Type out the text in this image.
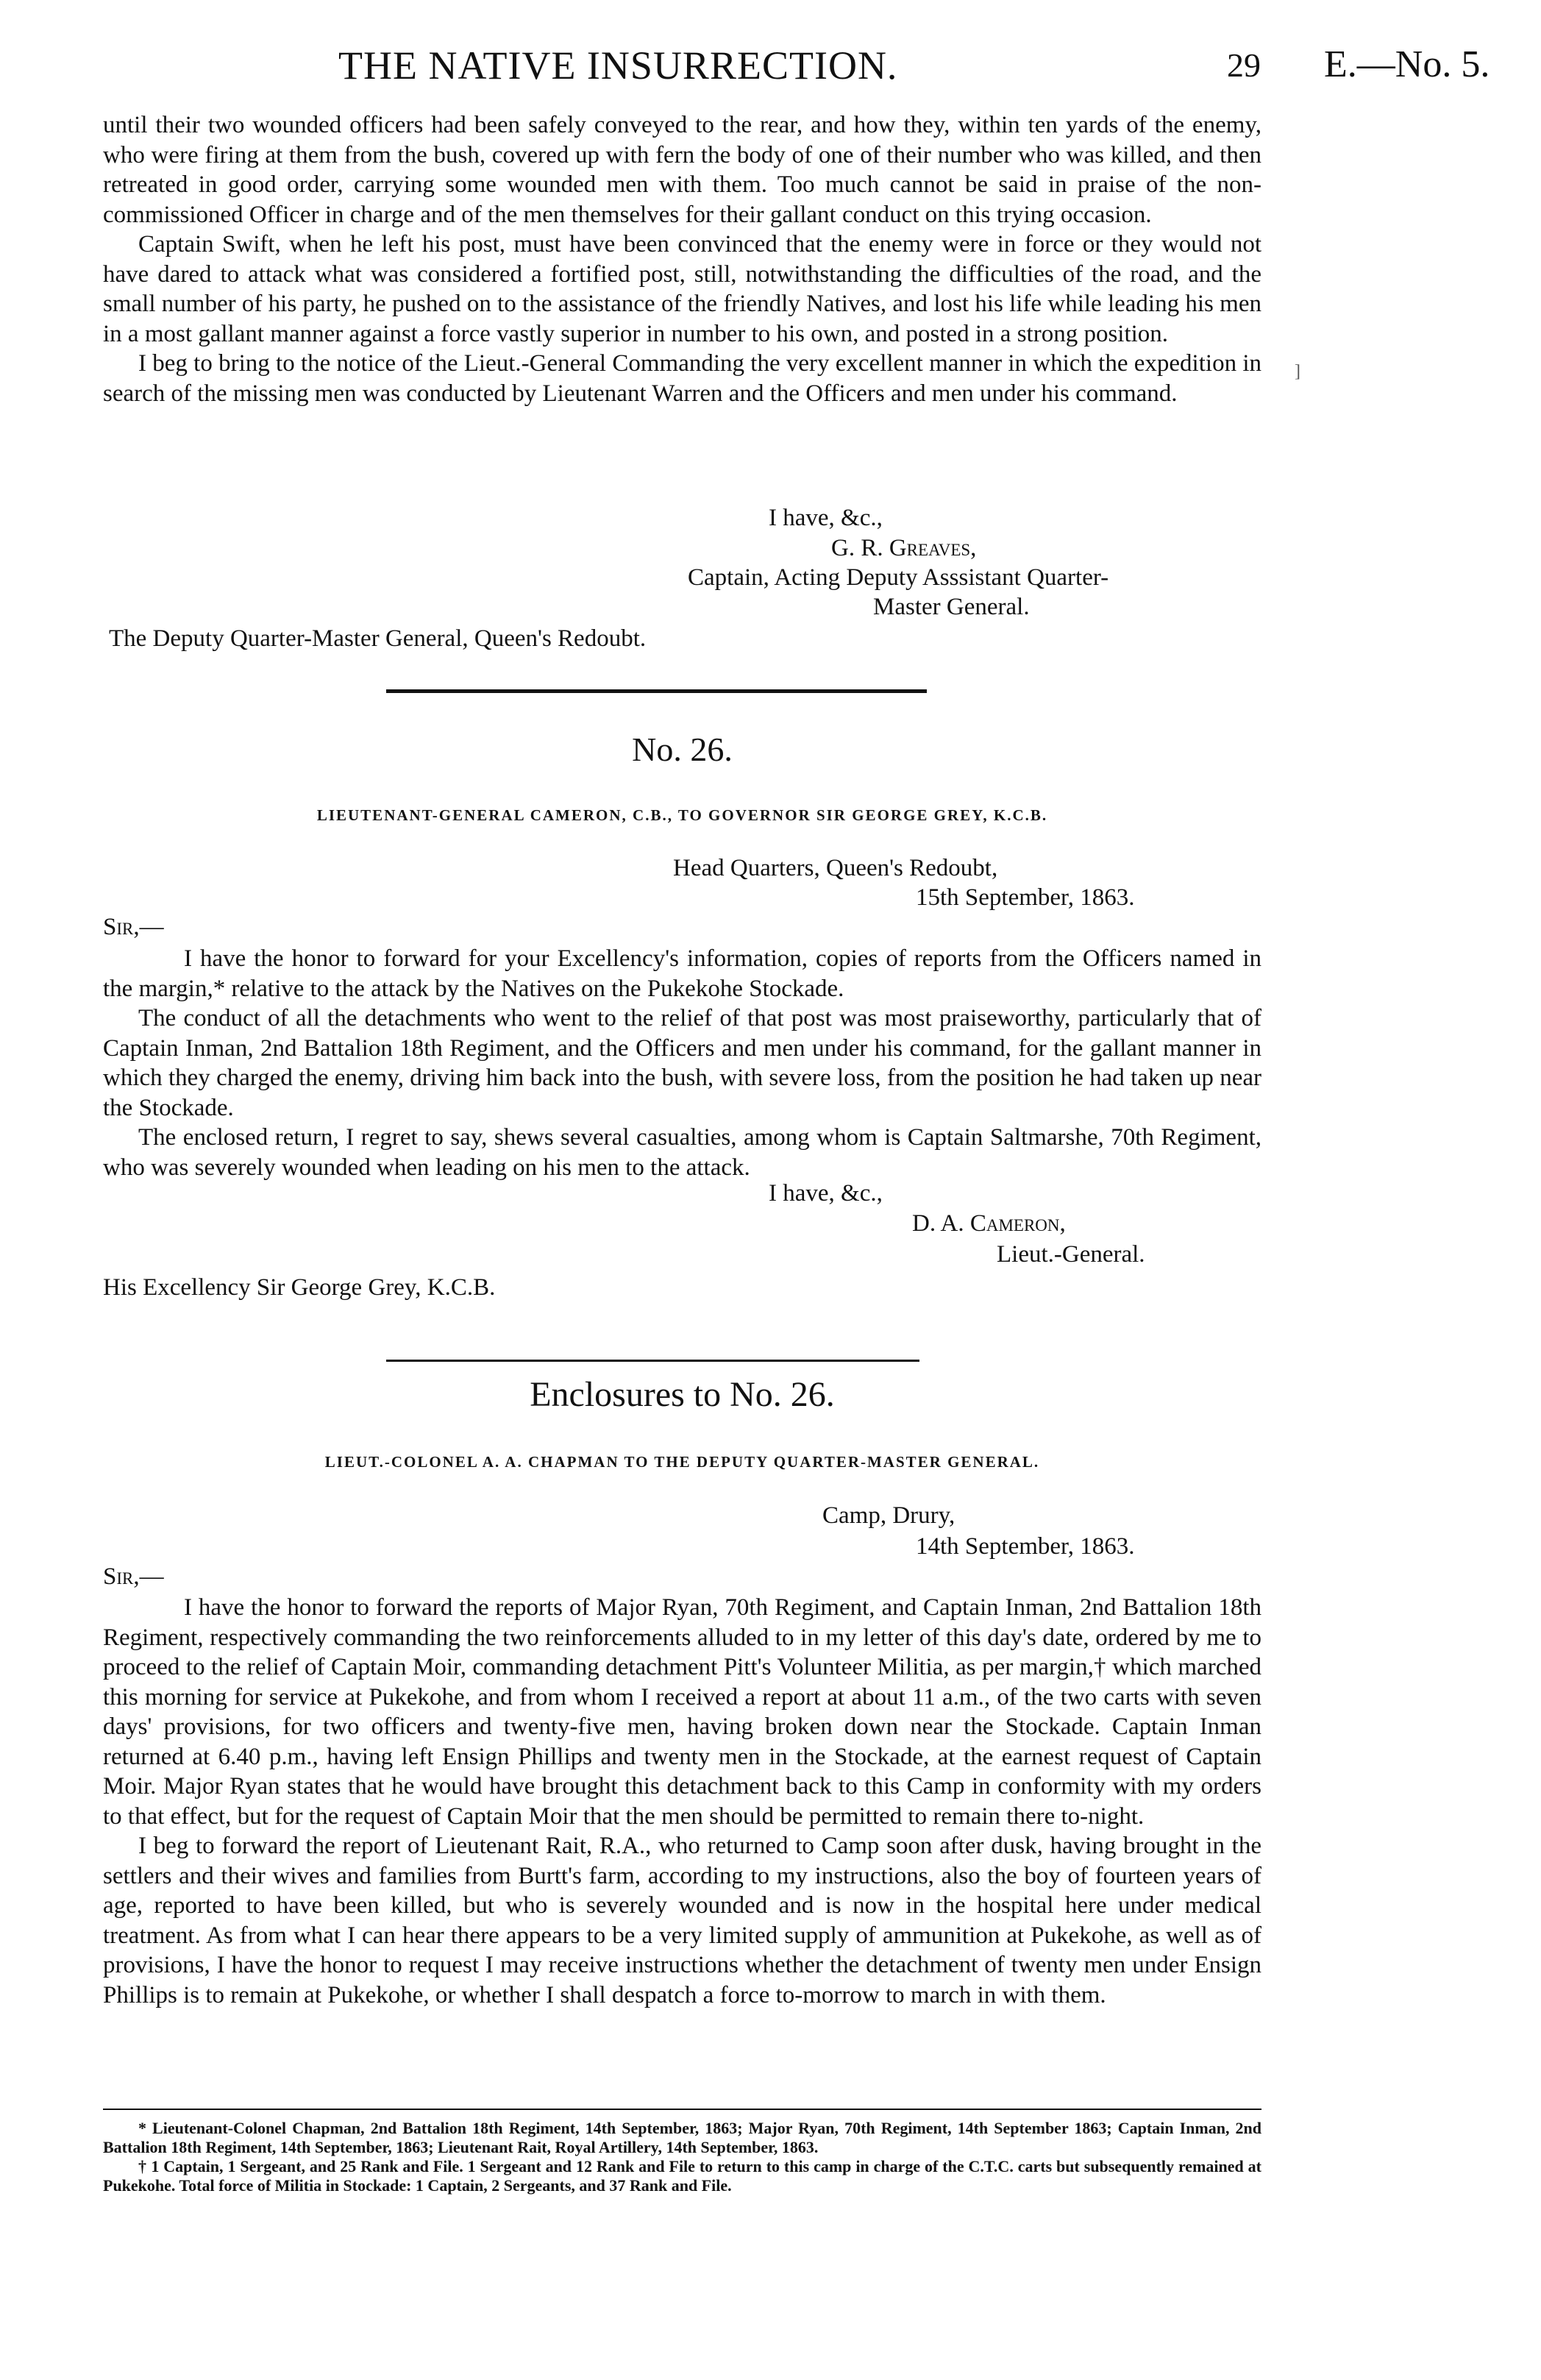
THE NATIVE INSURRECTION.	29 E.—No. 5.

until their two wounded officers had been safely conveyed to the rear, and how they, within ten yards of the enemy, who were firing at them from the bush, covered up with fern the body of one of their number who was killed, and then retreated in good order, carrying some wounded men with them. Too much cannot be said in praise of the non-commissioned Officer in charge and of the men themselves for their gallant conduct on this trying occasion.

Captain Swift, when he left his post, must have been convinced that the enemy were in force or they would not have dared to attack what was considered a fortified post, still, notwithstanding the difficulties of the road, and the small number of his party, he pushed on to the assistance of the friendly Natives, and lost his life while leading his men in a most gallant manner against a force vastly superior in number to his own, and posted in a strong position.

I beg to bring to the notice of the Lieut.-General Commanding the very excellent manner in which the expedition in search of the missing men was conducted by Lieutenant Warren and the Officers and men under his command.

]
I have, &c.,
G. R. Greaves,
Captain, Acting Deputy Asssistant Quarter-
Master General.
The Deputy Quarter-Master General, Queen's Redoubt.
No. 26.
LIEUTENANT-GENERAL CAMERON, C.B., TO GOVERNOR SIR GEORGE GREY, K.C.B.
Head Quarters, Queen's Redoubt,
15th September, 1863.
Sir,—

I have the honor to forward for your Excellency's information, copies of reports from the Officers named in the margin,* relative to the attack by the Natives on the Pukekohe Stockade.

The conduct of all the detachments who went to the relief of that post was most praiseworthy, particularly that of Captain Inman, 2nd Battalion 18th Regiment, and the Officers and men under his command, for the gallant manner in which they charged the enemy, driving him back into the bush, with severe loss, from the position he had taken up near the Stockade.

The enclosed return, I regret to say, shews several casualties, among whom is Captain Saltmarshe, 70th Regiment, who was severely wounded when leading on his men to the attack.

I have, &c.,
D. A. Cameron,
Lieut.-General.
His Excellency Sir George Grey, K.C.B.
Enclosures to No. 26.
LIEUT.-COLONEL A. A. CHAPMAN TO THE DEPUTY QUARTER-MASTER GENERAL.
Camp, Drury,
14th September, 1863.
Sir,—

I have the honor to forward the reports of Major Ryan, 70th Regiment, and Captain Inman, 2nd Battalion 18th Regiment, respectively commanding the two reinforcements alluded to in my letter of this day's date, ordered by me to proceed to the relief of Captain Moir, commanding detachment Pitt's Volunteer Militia, as per margin,† which marched this morning for service at Pukekohe, and from whom I received a report at about 11 a.m., of the two carts with seven days' provisions, for two officers and twenty-five men, having broken down near the Stockade. Captain Inman returned at 6.40 p.m., having left Ensign Phillips and twenty men in the Stockade, at the earnest request of Captain Moir. Major Ryan states that he would have brought this detachment back to this Camp in conformity with my orders to that effect, but for the request of Captain Moir that the men should be permitted to remain there to-night.

I beg to forward the report of Lieutenant Rait, R.A., who returned to Camp soon after dusk, having brought in the settlers and their wives and families from Burtt's farm, according to my instructions, also the boy of fourteen years of age, reported to have been killed, but who is severely wounded and is now in the hospital here under medical treatment. As from what I can hear there appears to be a very limited supply of ammunition at Pukekohe, as well as of provisions, I have the honor to request I may receive instructions whether the detachment of twenty men under Ensign Phillips is to remain at Pukekohe, or whether I shall despatch a force to-morrow to march in with them.

* Lieutenant-Colonel Chapman, 2nd Battalion 18th Regiment, 14th September, 1863; Major Ryan, 70th Regiment, 14th September 1863; Captain Inman, 2nd Battalion 18th Regiment, 14th September, 1863; Lieutenant Rait, Royal Artillery, 14th September, 1863.

† 1 Captain, 1 Sergeant, and 25 Rank and File. 1 Sergeant and 12 Rank and File to return to this camp in charge of the C.T.C. carts but subsequently remained at Pukekohe. Total force of Militia in Stockade: 1 Captain, 2 Sergeants, and 37 Rank and File.
